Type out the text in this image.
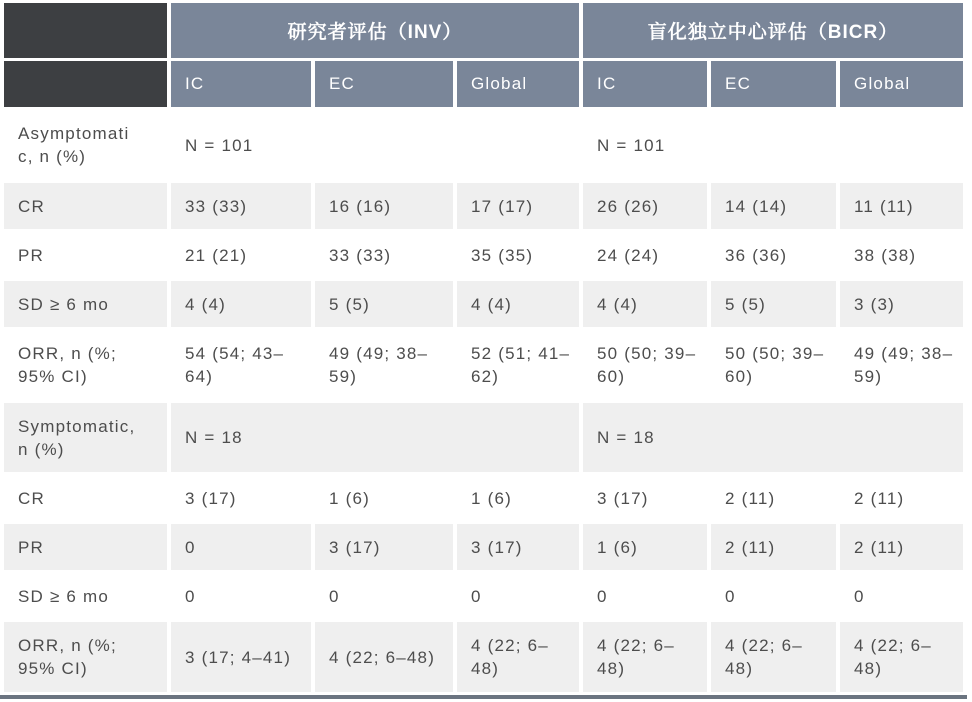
	研究者评估（INV）			盲化独立中心评估（BICR）		
	IC	EC	Global	IC	EC	Global
Asymptomatic, n (%)	N = 101			N = 101		
CR	33 (33)	16 (16)	17 (17)	26 (26)	14 (14)	11 (11)
PR	21 (21)	33 (33)	35 (35)	24 (24)	36 (36)	38 (38)
SD ≥ 6 mo	4 (4)	5 (5)	4 (4)	4 (4)	5 (5)	3 (3)
ORR, n (%; 95% CI)	54 (54; 43–64)	49 (49; 38–59)	52 (51; 41–62)	50 (50; 39–60)	50 (50; 39–60)	49 (49; 38–59)
Symptomatic, n (%)	N = 18			N = 18		
CR	3 (17)	1 (6)	1 (6)	3 (17)	2 (11)	2 (11)
PR	0	3 (17)	3 (17)	1 (6)	2 (11)	2 (11)
SD ≥ 6 mo	0	0	0	0	0	0
ORR, n (%; 95% CI)	3 (17; 4–41)	4 (22; 6–48)	4 (22; 6–48)	4 (22; 6–48)	4 (22; 6–48)	4 (22; 6–48)
